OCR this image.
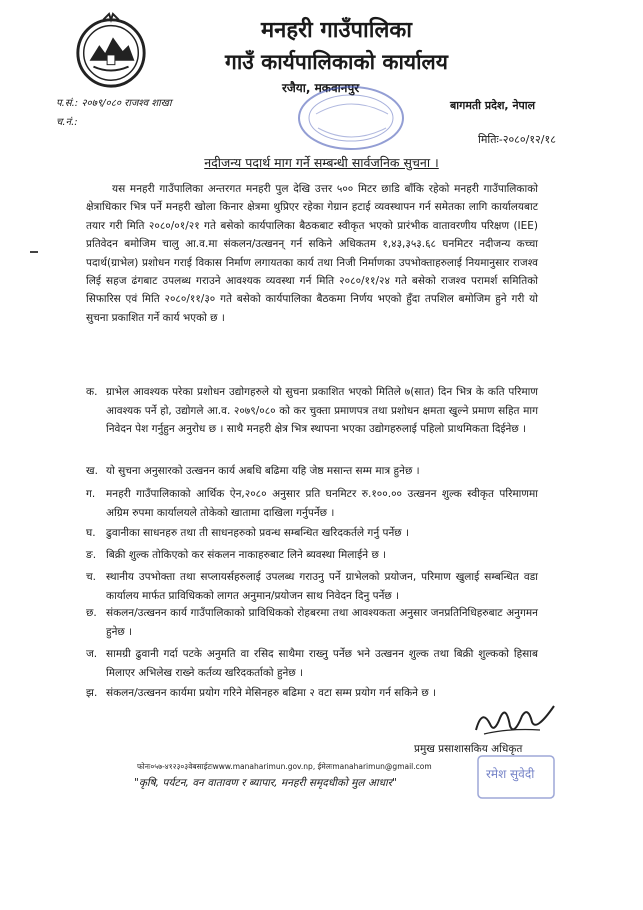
मनहरी गाउँपालिका
गाउँ कार्यपालिकाको कार्यालय
रजैया, मकवानपुर
प.सं.: २०७९/०८० राजश्व शाखा
च.नं.:
बागमती प्रदेश, नेपाल
मितिः-२०८०/१२/१८
नदीजन्य पदार्थ माग गर्ने सम्बन्धी सार्वजनिक सुचना ।
यस मनहरी गाउँपालिका अन्तरगत मनहरी पुल देखि उत्तर ५०० मिटर छाडि बाँकि रहेको मनहरी गाउँपालिकाको क्षेत्राधिकार भित्र पर्ने मनहरी खोला किनार क्षेत्रमा थुप्रिएर रहेका गेग्रान हटाई व्यवस्थापन गर्न समेतका लागि कार्यालयबाट तयार गरी मिति २०८०/०१/२१ गते बसेको कार्यपालिका बैठकबाट स्वीकृत भएको प्रारंभीक वातावरणीय परिक्षण (IEE) प्रतिवेदन बमोजिम चालु आ.व.मा संकलन/उत्खनन् गर्न सकिने अधिकतम १,४३,३५३.६८ घनमिटर नदीजन्य कच्चा पदार्थ(ग्राभेल) प्रशोधन गराई विकास निर्माण लगायतका कार्य तथा निजी निर्माणका उपभोक्ताहरुलाई नियमानुसार राजश्व लिई सहज ढंगबाट उपलब्ध गराउने आवश्यक व्यवस्था गर्न मिति २०८०/११/२४ गते बसेको राजश्व परामर्श समितिको सिफारिस एवं मिति २०८०/११/३० गते बसेको कार्यपालिका बैठकमा निर्णय भएको हुँदा तपशिल बमोजिम हुने गरी यो सुचना प्रकाशित गर्ने कार्य भएको छ ।
क. ग्राभेल आवश्यक परेका प्रशोधन उद्योगहरुले यो सुचना प्रकाशित भएको मितिले ७(सात) दिन भित्र के कति परिमाण आवश्यक पर्ने हो, उद्योगले आ.व. २०७९/०८० को कर चुक्ता प्रमाणपत्र तथा प्रशोधन क्षमता खुल्ने प्रमाण सहित माग निवेदन पेश गर्नुहुन अनुरोध छ । साथै मनहरी क्षेत्र भित्र स्थापना भएका उद्योगहरुलाई पहिलो प्राथमिकता दिईनेछ ।
ख. यो सुचना अनुसारको उत्खनन कार्य अबधि बढिमा यहि जेष्ठ मसान्त सम्म मात्र हुनेछ ।
ग.	मनहरी गाउँपालिकाको आर्थिक ऐन,२०८० अनुसार प्रति घनमिटर रु.१००.०० उत्खनन शुल्क स्वीकृत परिमाणमा अग्रिम रुपमा कार्यालयले तोकेको खातामा दाखिला गर्नुपर्नेछ ।
घ. ढुवानीका साधनहरु तथा ती साधनहरुको प्रवन्ध सम्बन्धित खरिदकर्तले गर्नु पर्नेछ ।
ङ. बिक्री शुल्क तोकिएको कर संकलन नाकाहरुबाट लिने ब्यवस्था मिलाईने छ ।
च. स्थानीय उपभोक्ता तथा सप्लायर्सहरुलाई उपलब्ध गराउनु पर्ने ग्राभेलको प्रयोजन, परिमाण खुलाई सम्बन्धित वडा कार्यालय मार्फत प्राविधिकको लागत अनुमान/प्रयोजन साथ निवेदन दिनु पर्नेछ ।
छ. संकलन/उत्खनन कार्य गाउँपालिकाको प्राविधिकको रोहबरमा तथा आवश्यकता अनुसार जनप्रतिनिधिहरुबाट अनुगमन हुनेछ ।
ज. सामग्री ढुवानी गर्दा पटके अनुमति वा रसिद साथैमा राख्नु पर्नेछ भने उत्खनन शुल्क तथा बिक्री शुल्कको हिसाब मिलाएर अभिलेख राख्ने कर्तव्य खरिदकर्ताको हुनेछ ।
झ. संकलन/उत्खनन कार्यमा प्रयोग गरिने मेसिनहरु बढिमा २ वटा सम्म प्रयोग गर्न सकिने छ ।
प्रमुख प्रसाशासकिय अधिकृत
रमेश सुवेदी
फोनः०५७-४१२३०३वेबसाईटःwww.manaharimun.gov.np, ईमेलःmanaharimun@gmail.com
"कृषि, पर्यटन, वन वातावण र ब्यापार, मनहरी समृदधीको मुल आधार"
